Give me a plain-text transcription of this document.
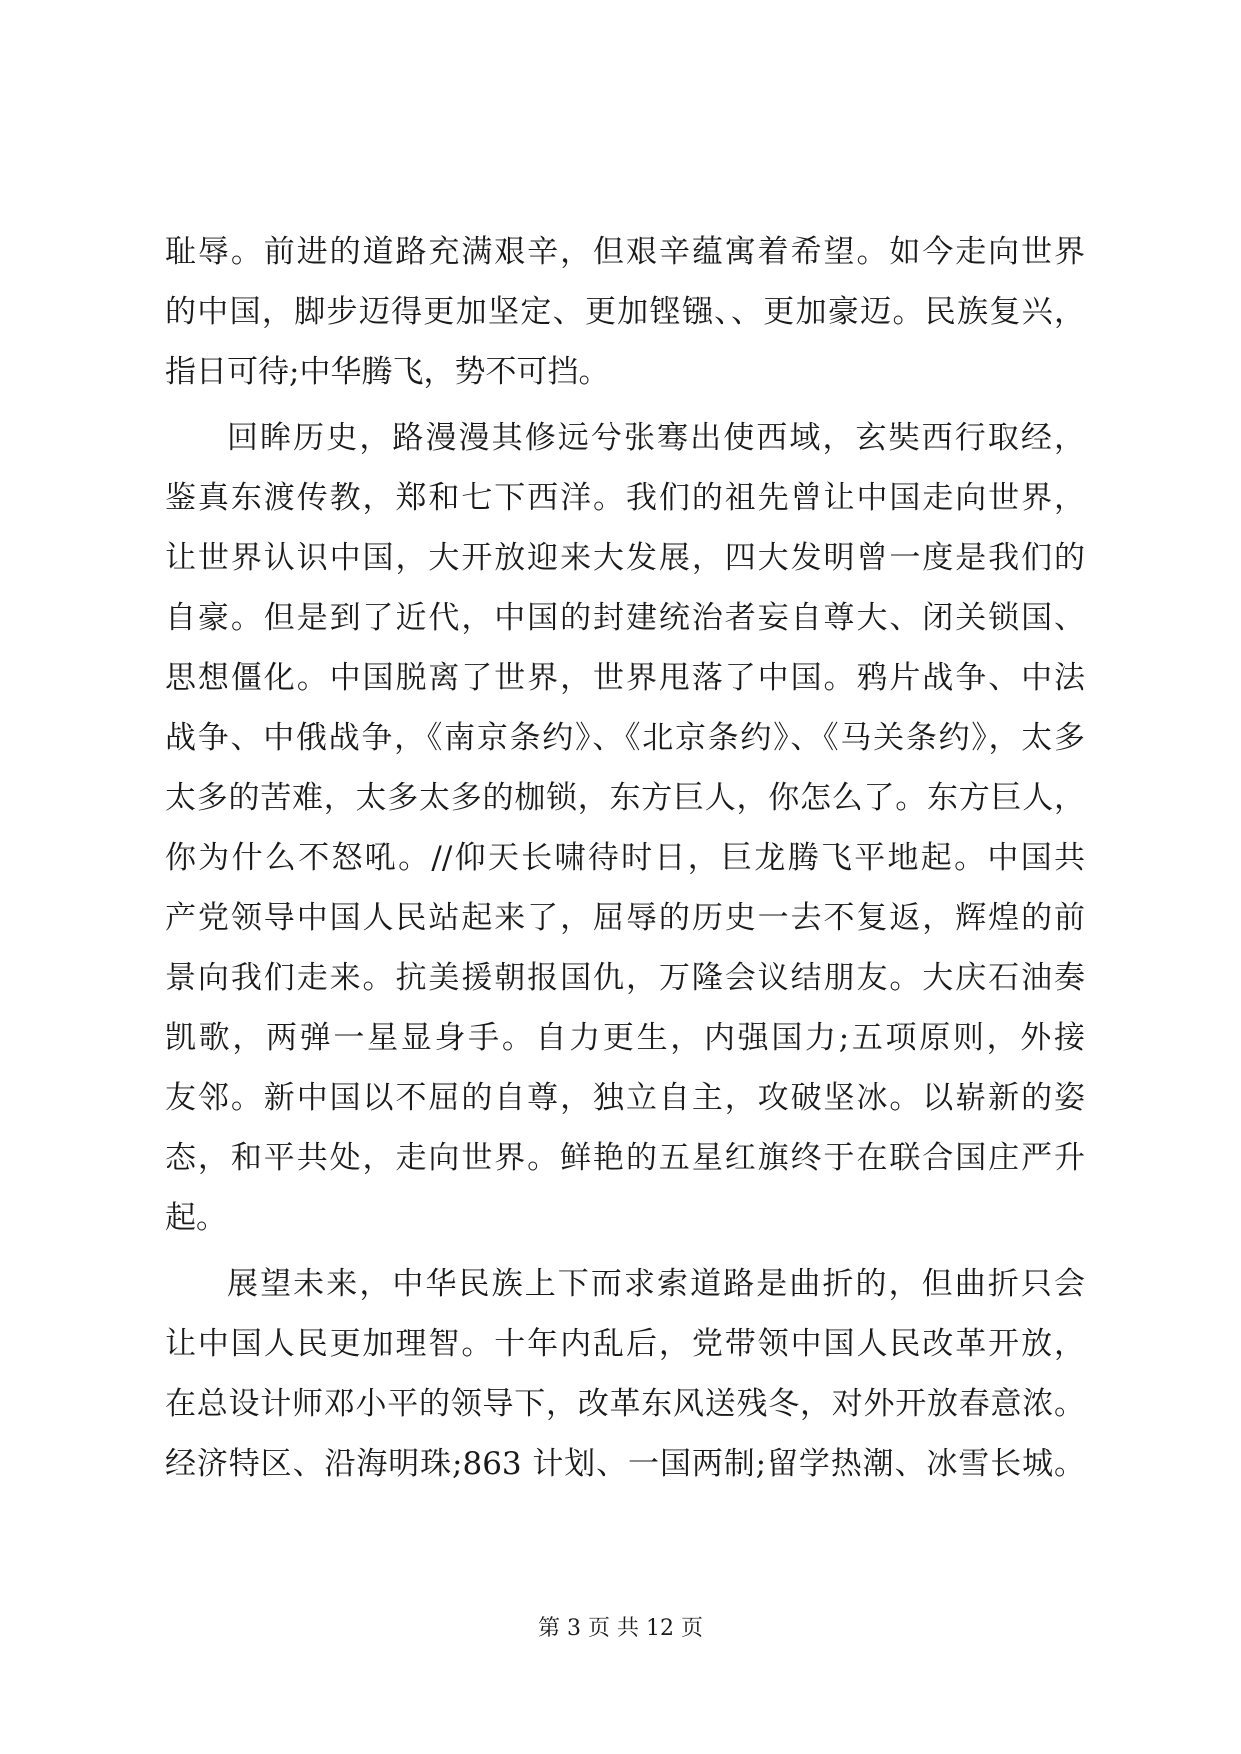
耻辱。前进的道路充满艰辛，但艰辛蕴寓着希望。如今走向世界
的中国，脚步迈得更加坚定、更加铿镪、、更加豪迈。民族复兴，
指日可待;中华腾飞，势不可挡。
回眸历史，路漫漫其修远兮张骞出使西域，玄奘西行取经，
鉴真东渡传教，郑和七下西洋。我们的祖先曾让中国走向世界，
让世界认识中国，大开放迎来大发展，四大发明曾一度是我们的
自豪。但是到了近代，中国的封建统治者妄自尊大、闭关锁国、
思想僵化。中国脱离了世界，世界甩落了中国。鸦片战争、中法
战争、中俄战争，《南京条约》、《北京条约》、《马关条约》，太多
太多的苦难，太多太多的枷锁，东方巨人，你怎么了。东方巨人，
你为什么不怒吼。//仰天长啸待时日，巨龙腾飞平地起。中国共
产党领导中国人民站起来了，屈辱的历史一去不复返，辉煌的前
景向我们走来。抗美援朝报国仇，万隆会议结朋友。大庆石油奏
凯歌，两弹一星显身手。自力更生，内强国力;五项原则，外接
友邻。新中国以不屈的自尊，独立自主，攻破坚冰。以崭新的姿
态，和平共处，走向世界。鲜艳的五星红旗终于在联合国庄严升
起。
展望未来，中华民族上下而求索道路是曲折的，但曲折只会
让中国人民更加理智。十年内乱后，党带领中国人民改革开放，
在总设计师邓小平的领导下，改革东风送残冬，对外开放春意浓。
经济特区、沿海明珠;863 计划、一国两制;留学热潮、冰雪长城。
第 3 页 共 12 页
